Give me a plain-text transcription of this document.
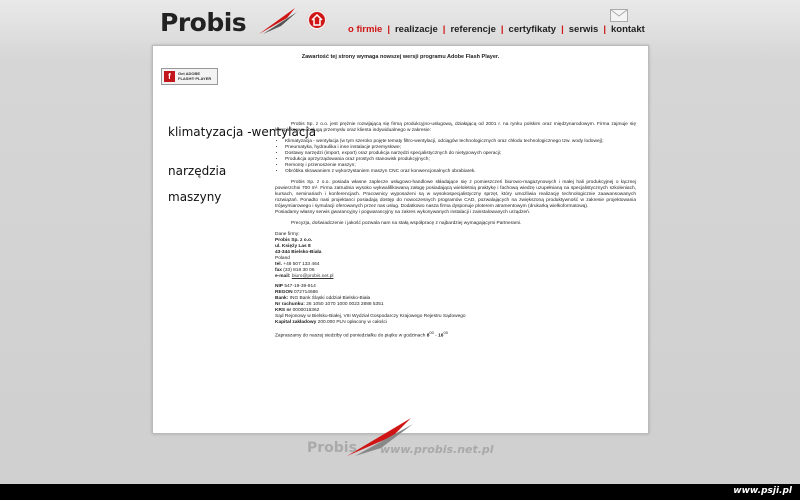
Probis	o firmie | realizacje | referencje | certyfikaty | serwis | kontakt
Zawartość tej strony wymaga nowszej wersji programu Adobe Flash Player.
f	Get ADOBE
FLASH® PLAYER
klimatyzacja -wentylacja
narzędzia
maszyny

Probis Sp. z o.o. jest prężnie rozwijającą się firmą produkcyjno-usługową, działającą od 2001 r. na rynku polskim oraz międzynarodowym. Firma zajmuje się kompleksową obsługą przemysłu oraz klienta indywidualnego w zakresie:

• Klimatyzacja - wentylacja (w tym szeroko pojęte tematy filtro-wentylacji, odciągów technologicznych oraz chłodu technologicznego tzw. wody lodowej);
• Pneumatyka, hydraulika i inne instalacje przemysłowe;
• Dostawy narzędzi (import, export) oraz produkcja narzędzi specjalistycznych do nietypowych operacji;
• Produkcja oprzyrządowania oraz prostych stanowisk produkcyjnych;
• Remonty i przenoszenie maszyn;
• Obróbka skrawaniem z wykorzystaniem maszyn CNC oraz konwencjonalnych obrabiarek.

Probis Sp. z o.o. posiada własne zaplecze usługowo-handlowe składające się z pomieszczeń biurowo-magazynowych i małej hali produkcyjnej o łącznej powierzchni 700 m². Firma zatrudnia wysoko wykwalifikowaną załogę posiadającą wieloletnią praktykę i fachową wiedzę uzupełnianą na specjalistycznych szkoleniach, kursach, seminariach i konferencjach. Pracownicy wyposażeni są w wysokospecjalistyczny sprzęt, który umożliwia realizację technologicznie zaawansowanych rozwiązań. Ponadto nasi projektanci posiadają dostęp do nowoczesnych programów CAD, pozwalających na zwiększoną produktywność w zakresie projektowania trójwymiarowego i symulacji oferowanych przez nas usług. Dodatkowo nasza firma dysponuje ploterem atramentowym (drukarką wielkoformatową).

Posiadamy własny serwis gwarancyjny i pogwarancyjny na zakres wykonywanych instalacji i zainstalowanych urządzeń.

Precyzja, doświadczenie i jakość pozwala nam na stałą współpracę z najbardziej wymagającymi Partnerami.

Dane firmy:
Probis Sp. z o.o.
ul. Księży Las 8
43-344 Bielsko-Biała
Poland
tel. +48 507 133 464
fax (33) 818 30 06
e-mail: biuro@probis.net.pl
NIP 547-19-39-914
REGON 072714686
Bank: ING Bank Śląski oddział Bielsko-Biała
Nr rachunku: 26 1050 1070 1000 0023 2888 5351
KRS nr 0000016362
Sąd Rejonowy w Bielsku-Białej, VIII Wydział Gospodarczy Krajowego Rejestru Sądowego
Kapitał zakładowy 200.000 PLN opłacony w całości
Zapraszamy do naszej siedziby od poniedziałku do piątku w godzinach $8^{00} - 16^{00}$
Probis www.probis.net.pl
www.psji.pl
